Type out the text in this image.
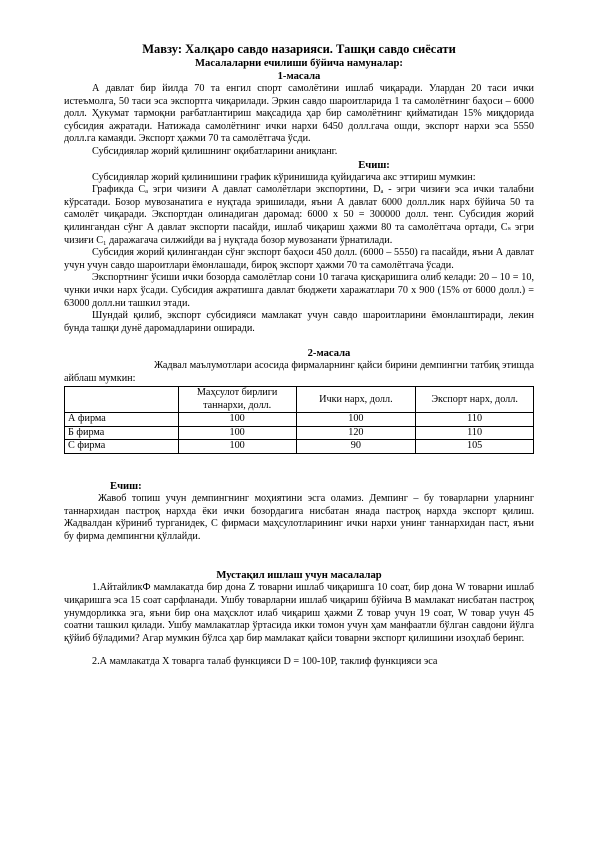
Мавзу: Халқаро савдо назарияси. Ташқи савдо сиёсати
Масалаларни ечилиши бўйича намуналар:
1-масала

А давлат бир йилда 70 та енгил спорт самолётини ишлаб чиқаради. Улардан 20 таси ички истеъмолга, 50 таси эса экспортга чиқарилади. Эркин савдо шароитларида 1 та самолётнинг баҳоси – 6000 долл. Ҳукумат тармоқни рағбатлантириш мақсадида ҳар бир самолётнинг қийматидан 15% миқдорида субсидия ажратади. Натижада самолётнинг ички нархи 6450 долл.гача ошди, экспорт нархи эса 5550 долл.га камаяди. Экспорт ҳажми 70 та самолётгача ўсди.

Субсидиялар жорий қилишнинг оқибатларини аниқланг.

Ечиш:

Субсидиялар жорий қилинишини график кўринишида қуйидагича акс эттириш мумкин:

Графикда Cₐ эгри чизиғи А давлат самолётлари экспортини, Dₐ - эгри чизиғи эса ички талабни кўрсатади. Бозор мувозанатига e нуқтада эришилади, яъни А давлат 6000 долл.лик нарх бўйича 50 та самолёт чиқаради. Экспортдан олинадиган даромад: 6000 х 50 = 300000 долл. тенг. Субсидия жорий қилингандан сўнг А давлат экспорти пасайди, ишлаб чиқариш ҳажми 80 та самолётгача ортади, Cₛ эгри чизиғи C₁ даражагача силжийди ва j нуқтада бозор мувозанати ўрнатилади.

Субсидия жорий қилингандан сўнг экспорт баҳоси 450 долл. (6000 – 5550) га пасайди, яъни А давлат учун учун савдо шароитлари ёмонлашади, бироқ экспорт ҳажми 70 та самолётгача ўсади.

Экспортнинг ўсиши ички бозорда самолётлар сони 10 тагача қисқаришига олиб келади: 20 – 10 = 10, чунки ички нарх ўсади. Субсидия ажратишга давлат бюджети харажатлари 70 х 900 (15% от 6000 долл.) = 63000 долл.ни ташкил этади.

Шундай қилиб, экспорт субсидияси мамлакат учун савдо шароитларини ёмонлаштиради, лекин бунда ташқи дунё даромадларини оширади.

2-масала

Жадвал маълумотлари асосида фирмаларнинг қайси бирини демпингни татбиқ этишда айблаш мумкин:

	Маҳсулот бирлиги таннархи, долл.	Ички нарх, долл.	Экспорт нарх, долл.
А фирма	100	100	110
Б фирма	100	120	110
С фирма	100	90	105
Ечиш:

Жавоб топиш учун демпингнинг моҳиятини эсга оламиз. Демпинг – бу товарларни уларнинг таннархидан пастроқ нархда ёки ички бозордагига нисбатан янада пастроқ нархда экспорт қилиш. Жадвалдан кўриниб турганидек, С фирмаси маҳсулотларининг ички нархи унинг таннархидан паст, яъни бу фирма демпингни қўллайди.

Мустақил ишлаш учун масалалар

1.АйтайликФ мамлакатда бир дона Z товарни ишлаб чиқаришга 10 соат, бир дона W товарни ишлаб чиқаришга эса 15 соат сарфланади. Ушбу товарларни ишлаб чиқариш бўйича В мамлакат нисбатан пастроқ унумдорликка эга, яъни бир она маҳсклот илаб чиқариш ҳажми Z товар учун 19 соат, W товар учун 45 соатни ташкил қилади. Ушбу мамлакатлар ўртасида икки томон учун ҳам манфаатли бўлган савдони йўлга қўйиб бўладими? Агар мумкин бўлса ҳар бир мамлакат қайси товарни экспорт қилишини изоҳлаб беринг.

2.А мамлакатда Х товарга талаб функцияси D = 100-10P, таклиф функцияси эса
